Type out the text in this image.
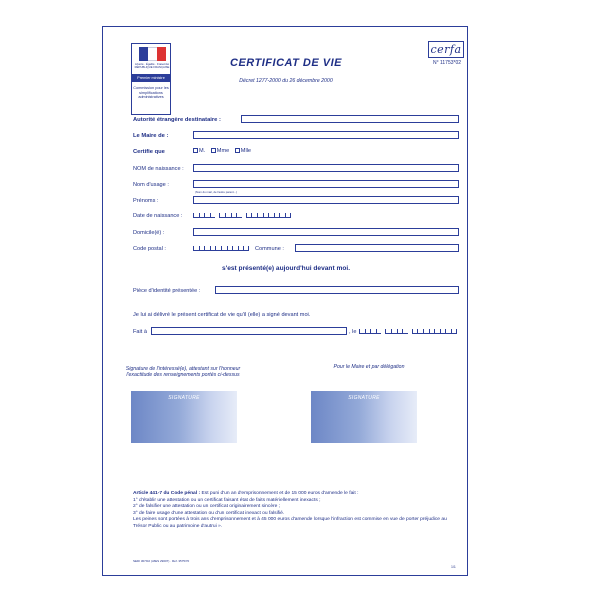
Liberté · Égalité · Fraternité RÉPUBLIQUE FRANÇAISE
Premier ministre
Commission pour les simplifications administratives
CERTIFICAT DE VIE
Décret 1277-2000 du 26 décembre 2000
cerfa
N° 11753*02
Autorité étrangère destinataire :
Le Maire de :
Certifie que	M. Mme Mlle
NOM de naissance :
Nom d'usage :
(Nom du mari, de l'autre parent...)
Prénoms :
Date de naissance :
Domicile(é) :
Code postal :	Commune :
s'est présenté(e) aujourd'hui devant moi.
Pièce d'identité présentée :
Je lui ai délivré le présent certificat de vie qu'il (elle) a signé devant moi.
Fait à	, le
Signature de l'intéressé(e), attestant sur l'honneur l'exactitude des renseignements portés ci-dessus
Pour le Maire et par délégation
SIGNATURE	SIGNATURE
Article 441-7 du Code pénal : Est puni d'un an d'emprisonnement et de 15 000 euros d'amende le fait :
1° d'établir une attestation ou un certificat faisant état de faits matériellement inexacts ;
2° de falsifier une attestation ou un certificat originairement sincère ;
3° de faire usage d'une attestation ou d'un certificat inexact ou falsifié.
Les peines sont portées à trois ans d'emprisonnement et à 45 000 euros d'amende lorsque l'infraction est commise en vue de porter préjudice au Trésor Public ou au patrimoine d'autrui ».
SEDI 307/02 (JZES 29007) · Réf. 3575/70
1/1
